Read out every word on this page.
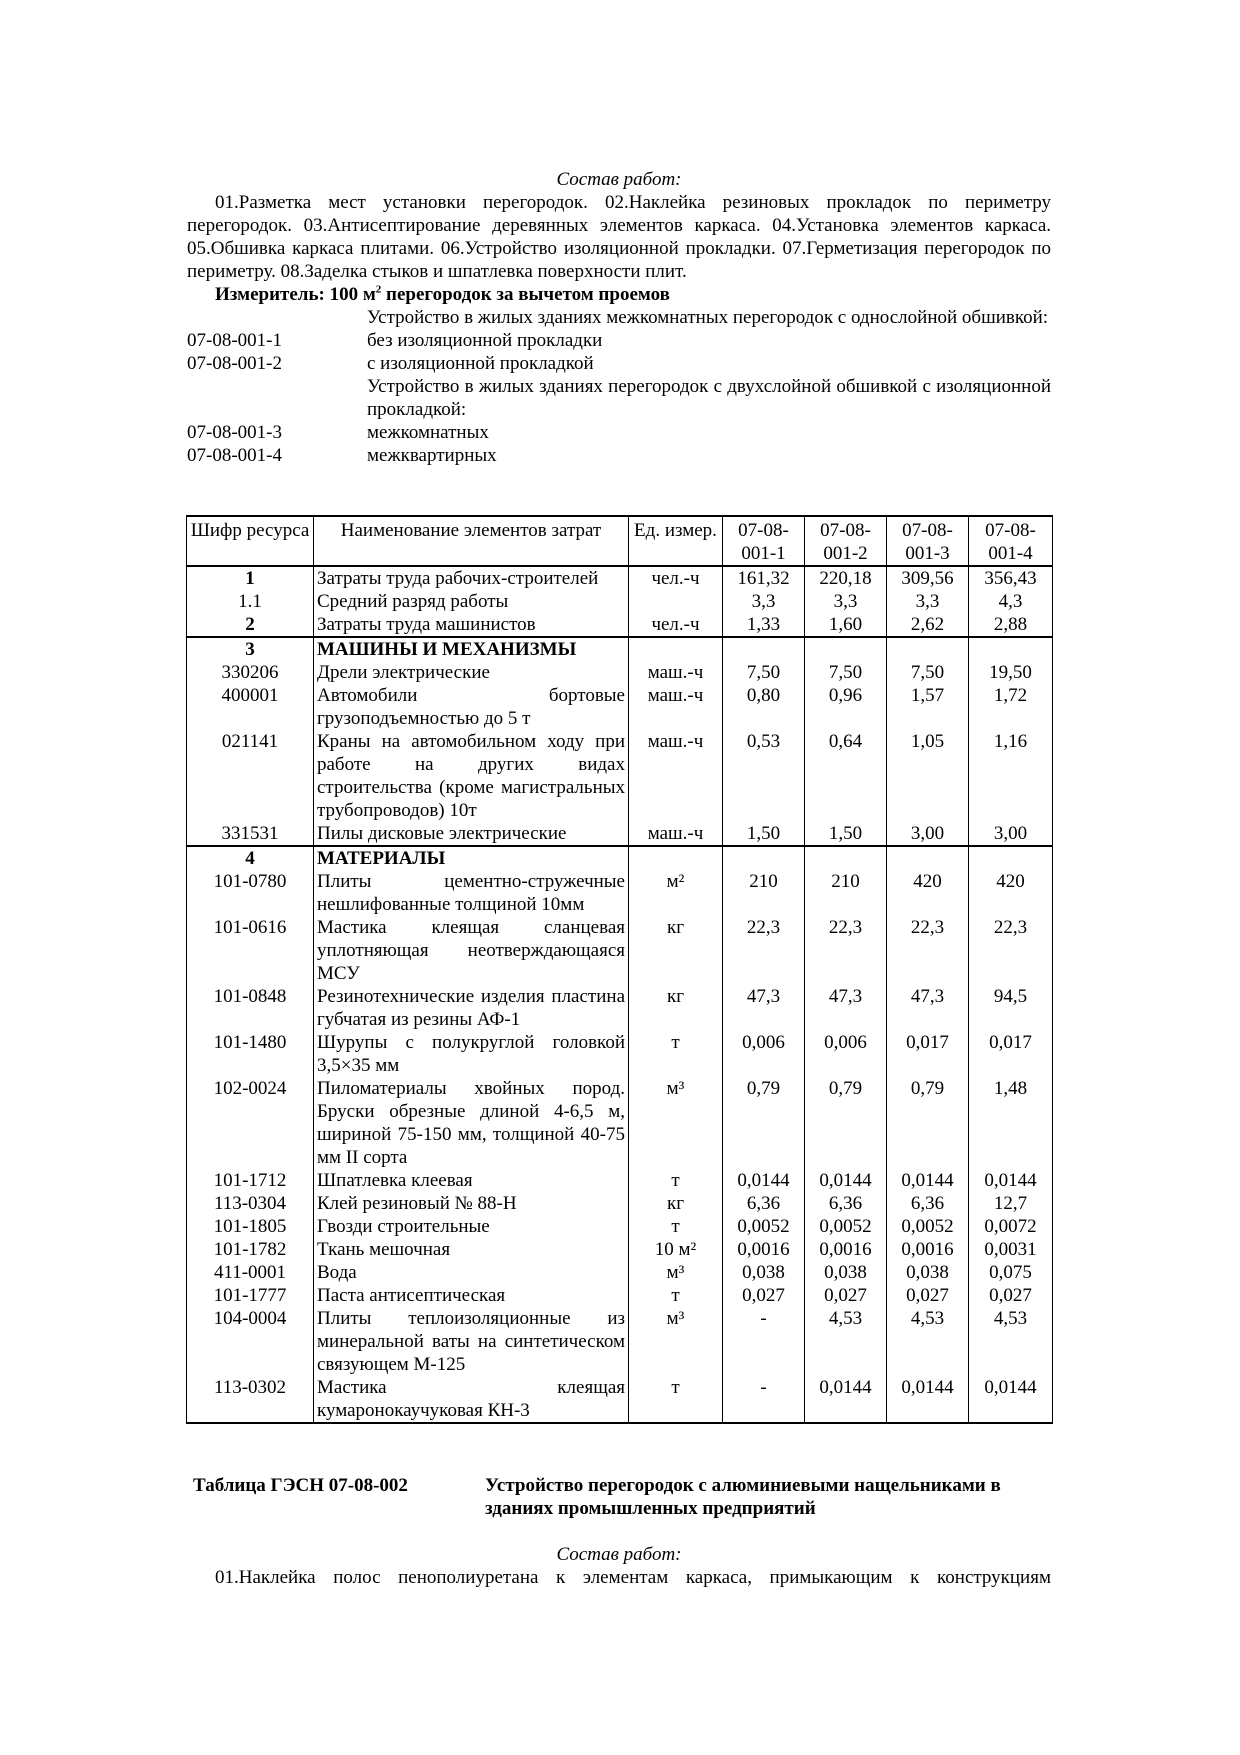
Состав работ:

01.Разметка мест установки перегородок. 02.Наклейка резиновых прокладок по периметру перегородок. 03.Антисептирование деревянных элементов каркаса. 04.Установка элементов каркаса. 05.Обшивка каркаса плитами. 06.Устройство изоляционной прокладки. 07.Герметизация перегородок по периметру. 08.Заделка стыков и шпатлевка поверхности плит.

Измеритель: 100 $м^2$ перегородок за вычетом проемов
Устройство в жилых зданиях межкомнатных перегородок с однослойной обшивкой:
07-08-001-1	без изоляционной прокладки
07-08-001-2	с изоляционной прокладкой
Устройство в жилых зданиях перегородок с двухслойной обшивкой с изоляционной прокладкой:
07-08-001-3	межкомнатных
07-08-001-4	межквартирных
Шифр ресурса	Наименование элементов затрат	Ед. измер.	07-08-001-1	07-08-001-2	07-08-001-3	07-08-001-4
1	Затраты труда рабочих-строителей	чел.-ч	161,32	220,18	309,56	356,43
1.1	Средний разряд работы		3,3	3,3	3,3	4,3
2	Затраты труда машинистов	чел.-ч	1,33	1,60	2,62	2,88
3	МАШИНЫ И МЕХАНИЗМЫ					
330206	Дрели электрические	маш.-ч	7,50	7,50	7,50	19,50
400001	Автомобили бортовые грузоподъемностью до 5 т	маш.-ч	0,80	0,96	1,57	1,72
021141	Краны на автомобильном ходу при работе на других видах строительства (кроме магистральных трубопроводов) 10т	маш.-ч	0,53	0,64	1,05	1,16
331531	Пилы дисковые электрические	маш.-ч	1,50	1,50	3,00	3,00
4	МАТЕРИАЛЫ					
101-0780	Плиты цементно-стружечные нешлифованные толщиной 10мм	м²	210	210	420	420
101-0616	Мастика клеящая сланцевая уплотняющая неотверждающаяся МСУ	кг	22,3	22,3	22,3	22,3
101-0848	Резинотехнические изделия пластина губчатая из резины АФ-1	кг	47,3	47,3	47,3	94,5
101-1480	Шурупы с полукруглой головкой 3,5×35 мм	т	0,006	0,006	0,017	0,017
102-0024	Пиломатериалы хвойных пород. Бруски обрезные длиной 4-6,5 м, шириной 75-150 мм, толщиной 40-75 мм II сорта	м³	0,79	0,79	0,79	1,48
101-1712	Шпатлевка клеевая	т	0,0144	0,0144	0,0144	0,0144
113-0304	Клей резиновый № 88-Н	кг	6,36	6,36	6,36	12,7
101-1805	Гвозди строительные	т	0,0052	0,0052	0,0052	0,0072
101-1782	Ткань мешочная	10 м²	0,0016	0,0016	0,0016	0,0031
411-0001	Вода	м³	0,038	0,038	0,038	0,075
101-1777	Паста антисептическая	т	0,027	0,027	0,027	0,027
104-0004	Плиты теплоизоляционные из минеральной ваты на синтетическом связующем М-125	м³	-	4,53	4,53	4,53
113-0302	Мастика клеящая кумаронокаучуковая КН-3	т	-	0,0144	0,0144	0,0144
Таблица ГЭСН 07-08-002	Устройство перегородок с алюминиевыми нащельниками в зданиях промышленных предприятий
Состав работ:

01.Наклейка полос пенополиуретана к элементам каркаса, примыкающим к конструкциям
